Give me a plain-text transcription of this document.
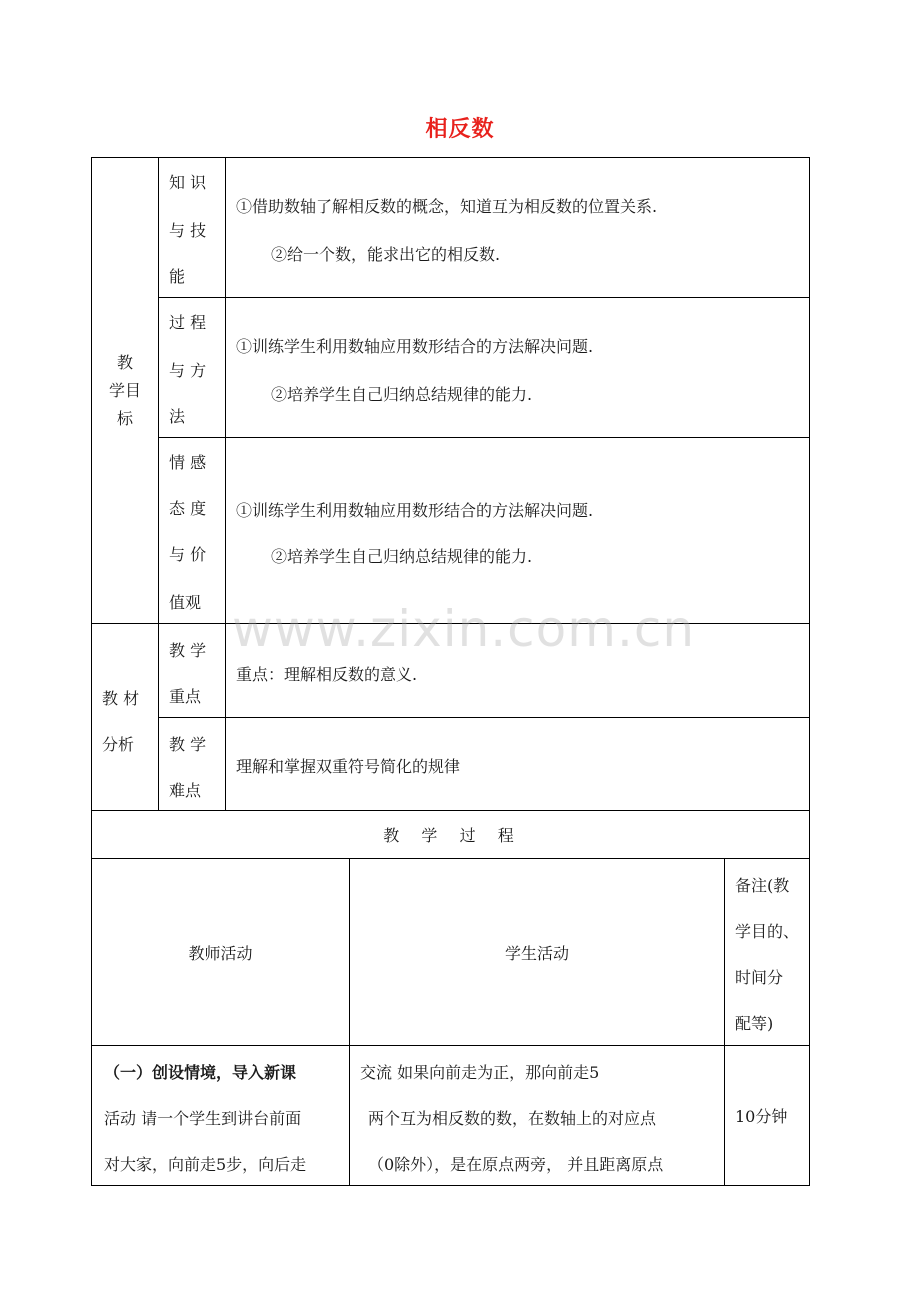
相反数
教
学目
标
知 识
与 技
能
①借助数轴了解相反数的概念，知道互为相反数的位置关系.
②给一个数，能求出它的相反数.
过 程
与 方
法
①训练学生利用数轴应用数形结合的方法解决问题.
②培养学生自己归纳总结规律的能力.
情 感
态 度
与 价
值观
①训练学生利用数轴应用数形结合的方法解决问题.
②培养学生自己归纳总结规律的能力.
教 材
分析
教 学
重点
重点：理解相反数的意义.
教 学
难点
理解和掌握双重符号简化的规律
教  学  过  程
教师活动	学生活动
备注(教
学目的、
时间分
配等)
（一）创设情境，导入新课
活动 请一个学生到讲台前面
对大家，向前走5步，向后走
交流 如果向前走为正，那向前走5
两个互为相反数的数，在数轴上的对应点
（0除外），是在原点两旁， 并且距离原点
10分钟
www.zixin.com.cn
